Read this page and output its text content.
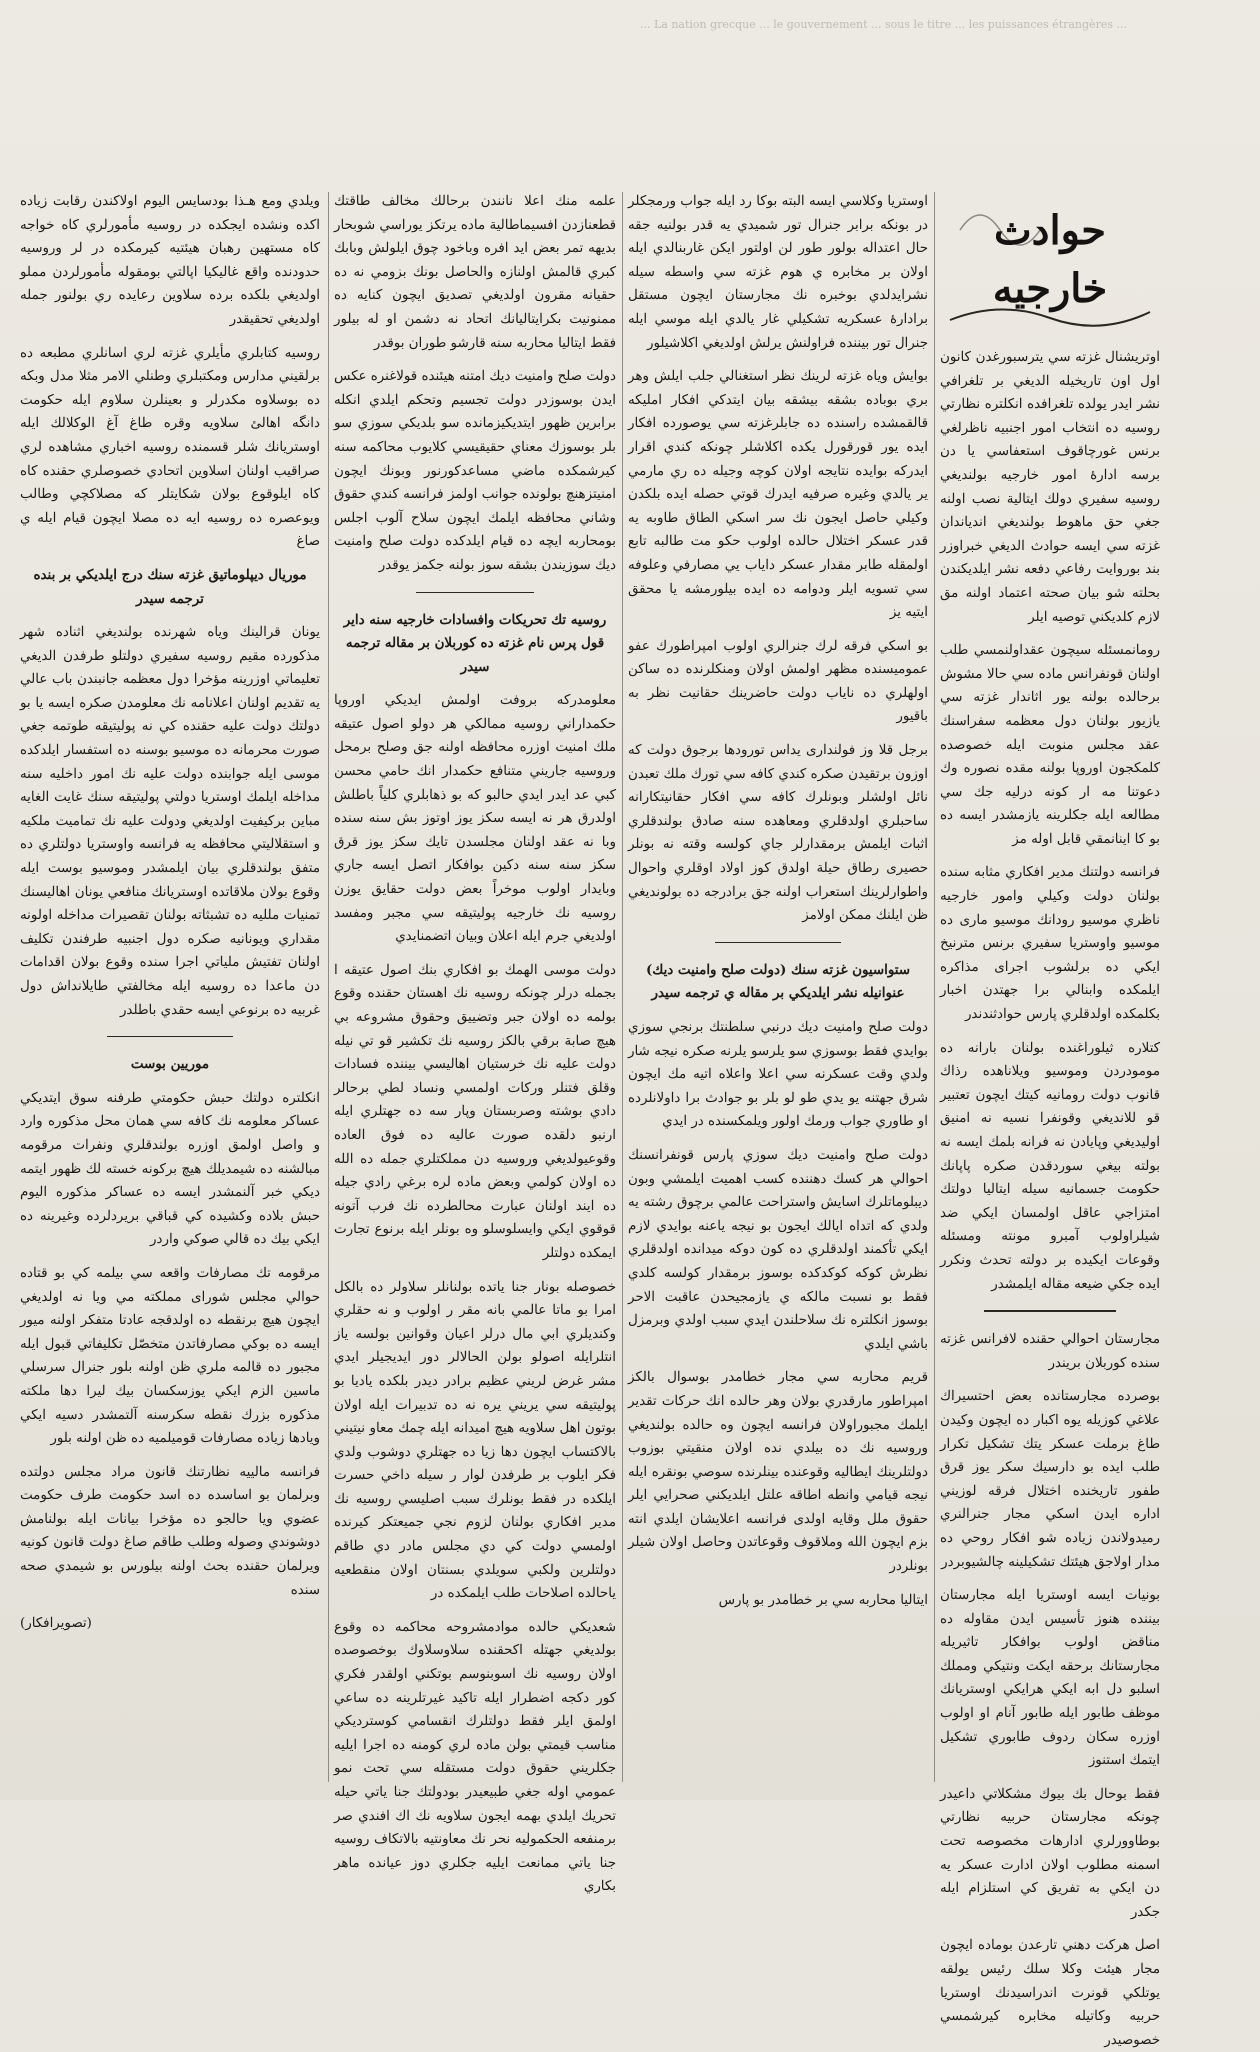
... La nation grecque ... le gouvernement ... sous le titre ... les puissances étrangères ...
حوادث خارجيه

اوتريشنال غزته سي يترسبورغدن كانون اول اون تاريخيله الديغي بر تلغرافي نشر ايدر يولده تلغرافده انكلتره نظارتي روسيه ده انتخاب امور اجنبيه ناظرلغي برنس غورچاقوف استعفاسي يا دن برسه ادارهٔ امور خارجيه بولنديغي روسيه سفيري دولك ايتالية نصب اولنه جغي حق ماهوط بولنديغي اندياندان غزته سي ايسه حوادث الديغي خبراوزر بند بوروايت رفاعي دفعه نشر ايلديكندن بحلته شو بيان صحته اعتماد اولنه مق لازم كلديكني توصيه ايلر

رومانمسئله سيچون عقداولنمسي طلب اولنان قونفرانس ماده سي حالا مشوش برحالده بولنه يور اثاندار غزته سي يازيور بولنان دول معظمه سفراسنك عقد مجلس منوبت ايله خصوصده كلمكجون اوروپا بولنه مقده نصوره وك دعوتنا مه ار كونه درليه جك سي مطالعه ايله جكلرينه يازمشدر ايسه ده بو كا اينانمقي قابل اوله مز

فرانسه دولتنك مدير افكاري مثابه سنده بولنان دولت وكيلي وامور خارجيه ناظري موسيو رودانك موسيو مارى ده موسيو واوستريا سفيري برنس مترنيخ ايكي ده برلشوب اجراى مذاكره ايلمكده وابنالي برا جهتدن اخبار بكلمكده اولدقلري پارس حوادثندندر

كتلاره ثيلوراغنده بولنان بارانه ده مومودردن وموسيو ويلاناهده رذاك قانوب دولت رومانيه كيتك ايچون تعتبير قو للانديغي وقونفرا نسيه نه امنيق اوليديغي وپايادن نه فرانه بلمك ايسه نه بولته بيغي سوردقدن صكره پاپانك حكومت جسمانيه سيله ايتاليا دولتك امتزاجي عاقل اولمسان ايكي ضد شيلراولوب آمبرو مونته ومسئله وقوعات ايكيده بر دولته تحدث ونكرر ايده جكي ضيعه مقاله ايلمشدر

مجارستان احوالي حقنده لافرانس غزته سنده كوربلان بريندر

بوصرده مجارستانده بعض احتسيراك علاغي كوزيله يوه اكبار ده ايچون وكيدن طاغ برملت عسكر يتك تشكيل تكرار طلب ايده بو دارسيك سكر يوز قرق طفور تاريخنده اختلال فرقه لوزيني اداره ايدن اسكي مجار جنرالنري رميدولاندن زياده شو افكار روحي ده مدار اولاجق هيئتك تشكيلينه چالشيوبردر

بونيات ايسه اوستريا ايله مجارستان بيننده هنوز تأسيس ايدن مقاوله ده مناقض اولوب بوافكار تاثيريله مجارستانك برحقه ايكت ونتيكي ومملك اسلبو دل ابه ايكي هرايكي اوستريانك موظف طابور ايله طابور آنام او اولوب اوزره سكان ردوف طابوري تشكيل ايتمك استنوز

فقط بوحال بك بيوك مشكلاتي داعيدر چونكه مجارستان حربيه نظارتي بوطاوورلري ادارهات مخصوصه تحت اسمنه مطلوب اولان ادارت عسكر يه دن ايكي به تفريق كي استلزام ايله جكدر

اصل هركت دهني تارعدن بوماده ايچون مجار هيئت وكلا سلك رئيس يولقه يوتلكي قونرت اندراسيدنك اوستريا حربيه وكاتيله مخابره كيرشمسي خصوصيدر

اوستريا وكلاسي ايسه البته بوكا رد ايله جواب ورمجكلر در بونكه برابر جنرال تور شميدي يه قدر بولنيه جقه حال اعتداله بولور طور لن اولتور ايكن غاربنالدي ايله اولان بر مخابره ي هوم غزته سي واسطه سيله نشرايدلدي بوخبره نك مجارستان ايچون مستقل برادارهٔ عسكريه تشكيلي غار يالدي ايله موسي ايله جنرال تور بيننده فراولنش يرلش اولديغي اكلاشيلور

بوايش وياه غزته لرينك نظر استغنالي جلب ايلش وهر بري بوباده بشقه بيشقه بيان ايتدكي افكار امليكه قالقمشده راسنده ده جابلرغزته سي يوصورده افكار ايده يور قورقورل يكده اكلاشلر چونكه كندي اقرار ايدركه بوايده نتايجه اولان كوچه وجيله ده ري مارمي ير يالدي وغيره صرفيه ايدرك قوتي حصله ايده بلكدن وكيلي حاصل ايجون نك سر اسكي الطاق طاوبه يه قدر عسكر اختلال حالده اولوب حكو مت طالبه تابع اولمقله طابر مقدار عسكر داياب يي مصارفي وعلوفه سي تسويه ايلر ودوامه ده ايده بيلورمشه يا محقق ايتيه يز

بو اسكي فرقه لرك جنرالري اولوب امپراطورك عفو عموميسنده مظهر اولمش اولان ومنكلرنده ده ساكن اولهلري ده ناياب دولت حاضرينك حقانيت نظر به باقيور

برجل قلا وز فولندارى يداس تورودها برجوق دولت كه اوزون برتقيدن صكره كندي كافه سي تورك ملك تعبدن نائل اولشلر وبونلرك كافه سي افكار حقانيتكارانه ساحبلري اولدقلري ومعاهده سنه صادق بولندقلري اثبات ايلمش برمقدارلر جاي كولسه وقته نه بونلر حصيرى رطاق حيلة اولدق كوز اولاد اوقلري واحوال واطوارلرينك استعراب اولنه جق برادرجه ده بولونديغي ظن ايلنك ممكن اولامز

ستواسيون غزته سنك (دولت صلح وامنيت ديك) عنوانيله نشر ايلديكي بر مقاله ي ترجمه سيدر

دولت صلح وامنيت ديك درنبي سلطنتك برنجي سوزي بوايدي فقط بوسوزي سو يلرسو يلرنه صكره نيجه شار ولدي وقت عسكرنه سي اعلا واعلاه اتيه مك ايچون شرق جهتنه يو يدي طو لو بلر بو جوادث برا داولانلرده او طاوري جواب ورمك اولور ويلمكسنده در ايدي

دولت صلح وامنيت ديك سوزي پارس قونفرانسنك احوالي هر كسك دهننده كسب اهميت ايلمشي وبون ديبلوماتلرك اسايش واستراحت عالمي برچوق رشته يه ولدي كه اتداه ايالك ايجون بو نيجه ياعنه بوايدي لازم ايكي تأكمند اولدقلري ده كون دوكه ميدانده اولدقلري نظرش كوكه كوكدكده بوسوز برمقدار كولسه كلدي فقط بو نسبت مالكه ي يازمجيحدن عاقبت الاحر بوسوز انكلتره نك سلاحلندن ايدي سبب اولدي وبرمزل باشي ايلدي

قريم محاربه سي مجار خطامدر بوسوال بالكز امپراطور مارقدري بولان وهر حالده انك حركات تقدير ايلمك مجبوراولان فرانسه ايچون وه حالده بولنديغي وروسيه نك ده بيلدي نده اولان منقيتي بوزوب دولتلرينك ايطاليه وقوعنده بينلرنده سوصي بونقره ايله نيجه قيامي وانطه اطاقه علتل ايلديكني صحرايي ايلر حقوق ملل وقايه اولدى فرانسه اعلايشان ايلدي انته بزم ايچون الله وملاقوف وقوعاتدن وحاصل اولان شيلر بونلردر

ايتاليا محاربه سي بر خطامدر بو پارس

علمه منك اعلا نانندن برحالك مخالف طاقتك قطعنازدن افسيماطالية ماده يرتكز يوراسي شوبحار بديهه تمر بعض ايد افره وباخود چوق ايلولش وبابك كبري قالمش اولنازه والحاصل بونك بزومي نه ده حقيانه مقرون اولديغي تصديق ايچون كنايه ده ممنونيت بكرايتاليانك اتحاد نه دشمن او له بيلور فقط ايتاليا محاربه سنه قارشو طوران بوقدر

دولت صلح وامنيت ديك امتنه هيئنده قولاغنره عكس ايدن بوسوزدر دولت تجسيم وتحكم ايلدي انكله برابرين ظهور ايتديكيزمانده سو بلديكي سوزي سو بلر بوسوزك معناي حقيقيسي كلايوب محاكمه سنه كيرشمكده ماضي مساعدكورنور وبونك ايچون امنيتزهنچ بولونده جوانب اولمز فرانسه كندي حقوق وشاني محافظه ايلمك ايچون سلاح آلوب اجلس بومحاربه ايچه ده قيام ايلدكده دولت صلح وامنيت ديك سوزيندن بشقه سوز بولنه جكمز يوقدر

روسيه تك تحريكات وافسادات خارجيه سنه داير قول پرس نام غزته ده كوربلان بر مقاله ترجمه سيدر

معلومدركه بروفت اولمش ايديكي اوروپا حكمداراني روسيه ممالكي هر دولو اصول عتيقه ملك امنيت اوزره محافظه اولنه جق وصلح برمحل وروسيه جاريني متنافع حكمدار انك حامي محسن كبي عد ايدر ايدي حالبو كه بو ذهابلري كلياً باطلش اولدرق هر نه ايسه سكز يوز اوتوز بش سنه سنده وبا نه عقد اولنان مجلسدن تايك سكز يوز قرق سكز سنه سنه دكين بوافكار اتصل ايسه جاري وبايدار اولوب موخراً بعض دولت حقايق يوزن روسيه نك خارجيه پوليتيقه سي مجبر ومفسد اولديغي جرم ايله اعلان وبيان اتضمنايدي

دولت موسى الهمك بو افكاري بنك اصول عتيقه ا بجمله درلر چونكه روسيه نك اهستان حقنده وقوع بولمه ده اولان جبر وتضييق وحقوق مشروعه بي هيچ صابة برقي بالكز روسيه نك تكشير قو تي نيله دولت عليه نك خرستيان اهاليسي بيننده فسادات وقلق فتنلر وركات اولمسي ونساد لطي برحالر دادي بوشته وصربستان وپار سه ده جهتلري ايله ارنبو دلقده صورت عاليه ده فوق العاده وقوعيولديغي وروسيه دن مملكتلري جمله ده الله ده اولان كولمي وبعض ماده لره برغي رادي جيله ده ايند اولنان عبارت محالطرده نك فرب آتونه قوقوي ايكي وايسلوسلو وه بونلر ايله برنوع تجارت ايمكده دولتلر

خصوصله بونار جنا ياتده بولنانلر سلاولر ده بالكل امرا بو ماتا عالمي بانه مقر ر اولوب و نه حقلري وكنديلري ابي مال درلر اعيان وقوانين بولسه ياز انتلرايله اصولو بولن الحالالر دور ايديجيلر ايدي مشر غرض لريني عظيم برادر ديدر بلكده ياديا بو پوليتيقه سي يريني يره نه ده تدبيرات ايله اولان بوتون اهل سلاويه هيچ اميدانه ايله چمك معاو نيتيني بالاكتساب ايچون دها زيا ده جهتلري دوشوب ولدي فكر ايلوب بر طرفدن لوار ر سيله داخي حسرت ايلكده در فقط بونلرك سبب اصليسي روسيه نك مدير افكاري بولنان لزوم نجي جميعتكر كيرنده اولمسي دولت كي دي مجلس مادر دي طاقم دولتلرين ولكبي سويلدي بسنتان اولان منقطعيه ياحالده اصلاحات طلب ايلمكده در

شعديكي حالده موادمشروحه محاكمه ده وقوع بولديغي جهتله اكحقنده سلاوسلاوك بوخصوصده اولان روسيه نك اسوبنوسم بوتكني اولقدر فكري كور دكجه اضطرار ايله تاكيد غيرتلرينه ده ساعي اولمق ايلر فقط دولتلرك انقسامي كوسترديكي مناسب قيمتي بولن ماده لري كومنه ده اجرا ايليه جكلريني حقوق دولت مستقله سي تحت نمو عمومي اوله جغي طبيعيدر بودولتك جنا ياتي حيله تحريك ايلدي بهمه ايجون سلاويه نك اك افندي صر برمنفعه الحكموليه نحر نك معاونتيه بالاتكاف روسيه جنا ياتي ممانعت ايليه جكلري دوز عيانده ماهر بكاري

ويلدي ومع هـذا بودسايس اليوم اولاكندن رقابت زياده اكده ونشده ايجكده در روسيه مأمورلري كاه خواجه كاه مستهين رهبان هيئتيه كيرمكده در لر وروسيه حدودنده واقع غاليكيا اپالتي بومقوله مأمورلردن مملو اولديغي بلكده برده سلاوين رعايده ري بولنور جمله اولديغي تحقيقدر

روسيه كتابلري مأيلري غزته لري اسانلري مطبعه ده برلقيني مدارس ومكتبلري وطنلي الامر مثلا مدل وبكه ده بوسلاوه مكدرلر و بعينلرن سلاوم ايله حكومت دانگه اهالئ سلاويه وقره طاغ آغ الوكلالك ايله اوستريانك شلر قسمنده روسيه اخباري مشاهده لري صراقيب اولنان اسلاوين اتحادي خصوصلري حقنده كاه كاه ايلوقوع بولان شكايتلر كه مصلاكچي وطالب ويوعصره ده روسيه ايه ده مصلا ايچون قيام ايله ي صاغ

موريال ديپلوماتيق غزته سنك درج ايلديكي بر بنده ترجمه سيدر

يونان قرالينك وياه شهرنده بولنديغي اثناده شهر مذكورده مقيم روسيه سفيري دولتلو طرفدن الديغي تعليماتي اوزرينه مؤخرا دول معظمه جانبندن باب عالي يه تقديم اولنان اعلانامه نك معلومدن صكره ايسه يا بو دولتك دولت عليه حقنده كي نه پوليتيقه طوتمه جغي صورت محرمانه ده موسيو بوسنه ده استفسار ايلدكده موسى ايله جوابنده دولت عليه نك امور داخليه سنه مداخله ايلمك اوستريا دولتي پوليتيقه سنك غايت الغايه مباين بركيفيت اولديغي ودولت عليه نك تماميت ملكيه و استقلاليتي محافظه يه فرانسه واوستريا دولتلري ده متفق بولندقلري بيان ايلمشدر وموسيو بوست ايله وقوع بولان ملاقاتده اوستريانك منافعي يونان اهاليسنك تمنيات ملليه ده تشبثاته بولنان تقصيرات مداخله اولونه مقداري ويونانيه صكره دول اجنبيه طرفندن تكليف اولنان تفتيش ملياتي اجرا سنده وقوع بولان اقدامات دن ماعدا ده روسيه ايله مخالفتي طايلانداش دول غربيه ده برنوعي ايسه حقدي باطلدر

موريين بوست

انكلتره دولتك حبش حكومتي طرفنه سوق ايتديكي عساكر معلومه نك كافه سي همان محل مذكوره وارد و واصل اولمق اوزره بولندقلري ونفرات مرقومه مبالشنه ده شيمديلك هيچ بركونه خسته لك ظهور ايتمه ديكي خبر آلنمشدر ايسه ده عساكر مذكوره اليوم حبش بلاده وكشيده كي قباقي بريردلرده وغيرينه ده ايكي بيك ده قالي صوكي واردر

مرقومه تك مصارفات واقعه سي بيلمه كي بو قتاده حوالي مجلس شوراى مملكته مي ويا نه اولديغي ايچون هيچ برنقطه ده اولدقجه عادتا متفكر اولنه ميور ايسه ده بوكي مصارفاتدن متخصّل تكليفاتي قبول ايله مجبور ده قالمه ملري ظن اولنه بلور جنرال سرسلي ماسين الزم ايكي يوزسكسان بيك ليرا دها ملكته مذكوره بزرك نقطه سكرسنه آلتمشدر دسيه ايكي ويادها زياده مصارفات قوميلميه ده ظن اولنه بلور

فرانسه مالييه نظارتنك قانون مراد مجلس دولتده وبرلمان بو اساسده ده اسد حكومت طرف حكومت عضوي ويا حالجو ده مؤخرا بيانات ايله بولنامش دوشوندي وصوله وطلب طاقم صاغ دولت قانون كونيه ويرلمان حقنده بحث اولنه بيلورس بو شيمدي صحه سنده

(تصويرافكار)
